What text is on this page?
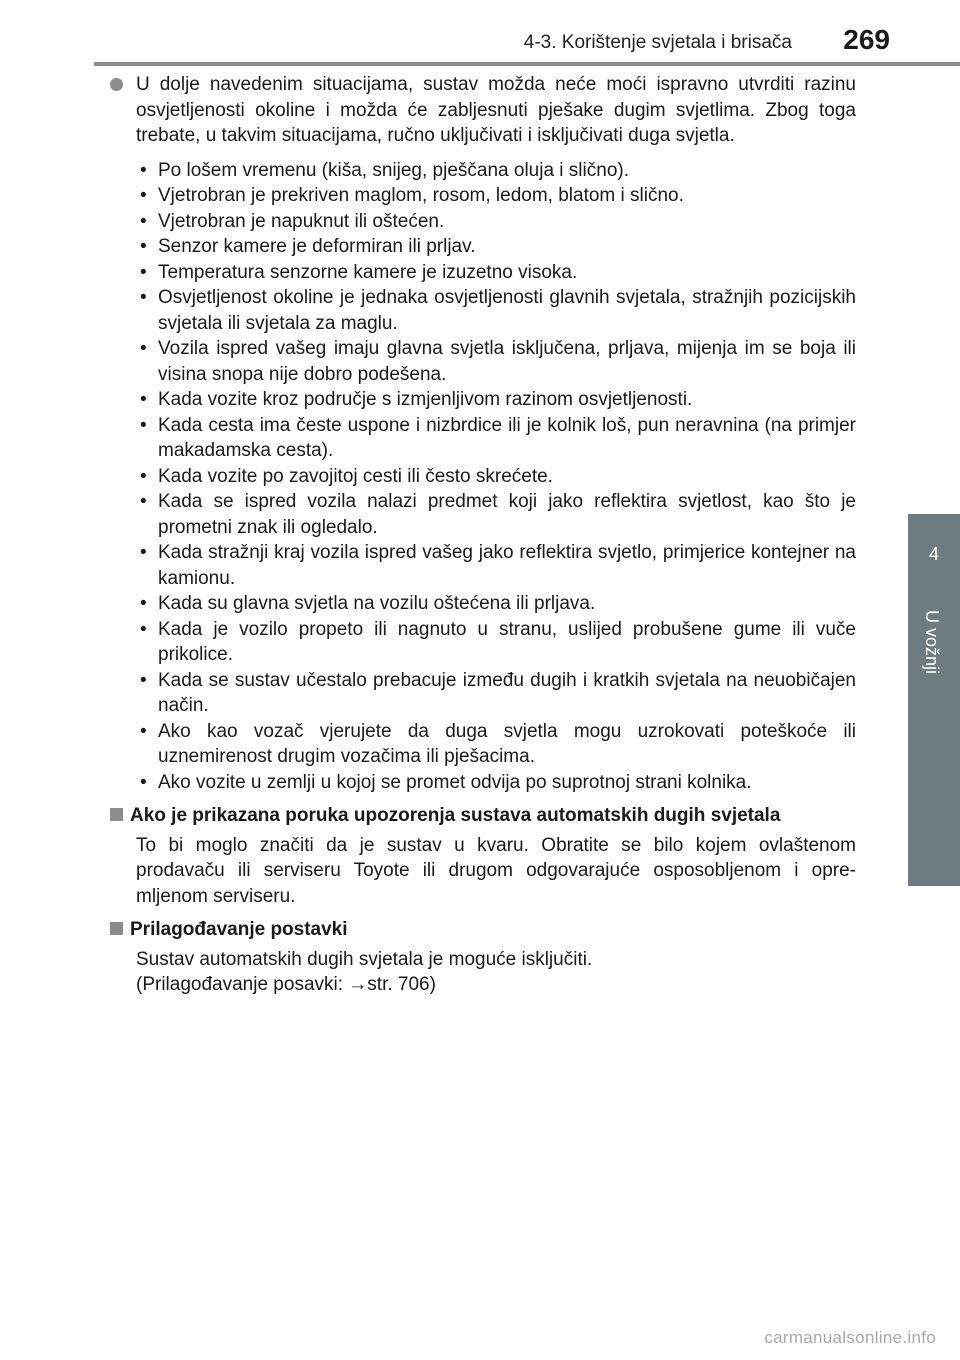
4-3. Korištenje svjetala i brisača 269
4
U vožnji
U dolje navedenim situacijama, sustav možda neće moći ispravno utvrditi razinu osvjetljenosti okoline i možda će zabljesnuti pješake dugim svjetlima. Zbog toga trebate, u takvim situacijama, ručno uključivati i isključivati duga svjetla.
• Po lošem vremenu (kiša, snijeg, pješčana oluja i slično).
• Vjetrobran je prekriven maglom, rosom, ledom, blatom i slično.
• Vjetrobran je napuknut ili oštećen.
• Senzor kamere je deformiran ili prljav.
• Temperatura senzorne kamere je izuzetno visoka.
• Osvjetljenost okoline je jednaka osvjetljenosti glavnih svjetala, stražnjih pozicijskih svjetala ili svjetala za maglu.
• Vozila ispred vašeg imaju glavna svjetla isključena, prljava, mijenja im se boja ili visina snopa nije dobro podešena.
• Kada vozite kroz područje s izmjenljivom razinom osvjetljenosti.
• Kada cesta ima česte uspone i nizbrdice ili je kolnik loš, pun neravnina (na primjer makadamska cesta).
• Kada vozite po zavojitoj cesti ili često skrećete.
• Kada se ispred vozila nalazi predmet koji jako reflektira svjetlost, kao što je prometni znak ili ogledalo.
• Kada stražnji kraj vozila ispred vašeg jako reflektira svjetlo, primjerice kontejner na kamionu.
• Kada su glavna svjetla na vozilu oštećena ili prljava.
• Kada je vozilo propeto ili nagnuto u stranu, uslijed probušene gume ili vuče prikolice.
• Kada se sustav učestalo prebacuje između dugih i kratkih svjetala na neuobičajen način.
• Ako kao vozač vjerujete da duga svjetla mogu uzrokovati poteškoće ili uznemirenost drugim vozačima ili pješacima.
• Ako vozite u zemlji u kojoj se promet odvija po suprotnoj strani kolnika.
Ako je prikazana poruka upozorenja sustava automatskih dugih svjetala
To bi moglo značiti da je sustav u kvaru. Obratite se bilo kojem ovlaštenom prodavaču ili serviseru Toyote ili drugom odgovarajuće osposobljenom i opre-mljenom serviseru.
Prilagođavanje postavki
Sustav automatskih dugih svjetala je moguće isključiti.
(Prilagođavanje posavki: →str. 706)
carmanualsonline.info
